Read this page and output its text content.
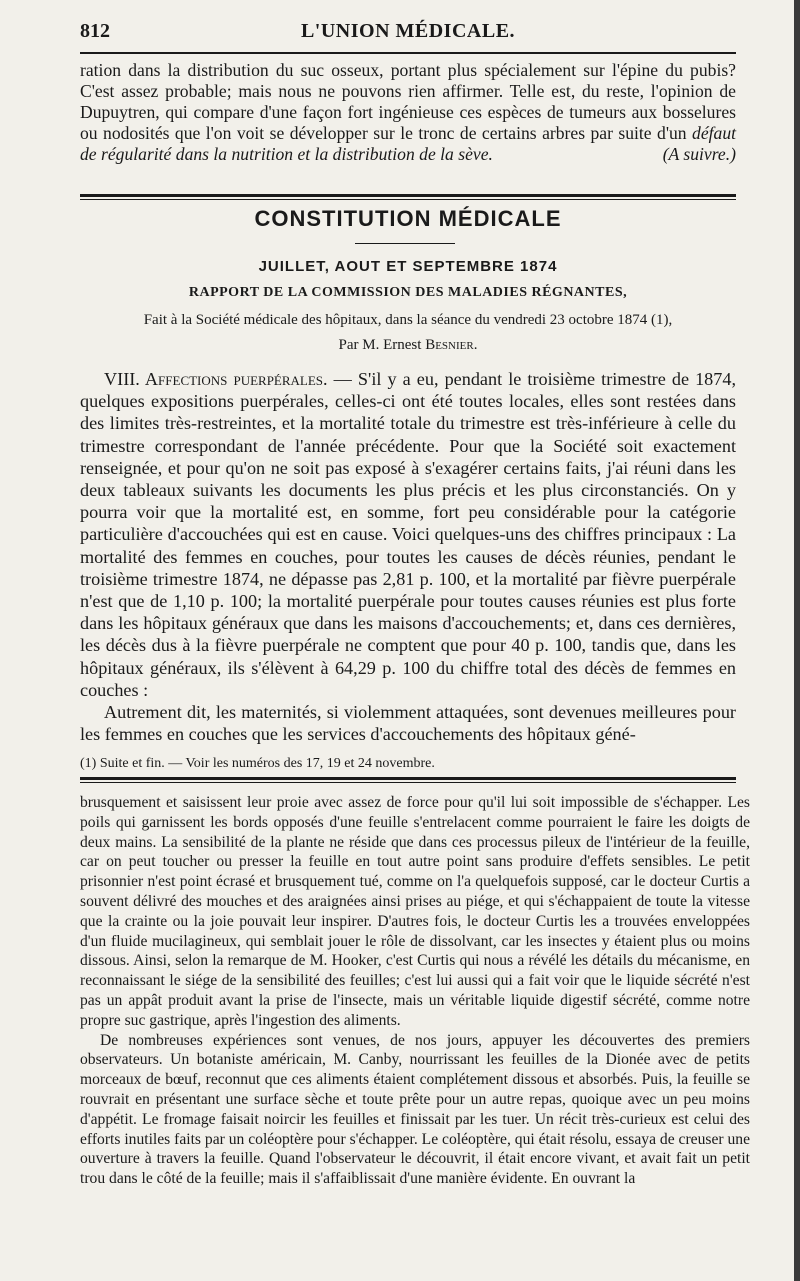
812	L'UNION MÉDICALE.
ration dans la distribution du suc osseux, portant plus spécialement sur l'épine du pubis? C'est assez probable; mais nous ne pouvons rien affirmer. Telle est, du reste, l'opinion de Dupuytren, qui compare d'une façon fort ingénieuse ces espèces de tumeurs aux bosselures ou nodosités que l'on voit se développer sur le tronc de certains arbres par suite d'un défaut de régularité dans la nutrition et la distribution de la sève.	(A suivre.)
CONSTITUTION MÉDICALE
JUILLET, AOUT ET SEPTEMBRE 1874
RAPPORT DE LA COMMISSION DES MALADIES RÉGNANTES,
Fait à la Société médicale des hôpitaux, dans la séance du vendredi 23 octobre 1874 (1),
Par M. Ernest Besnier.

VIII. Affections puerpérales. — S'il y a eu, pendant le troisième trimestre de 1874, quelques expositions puerpérales, celles-ci ont été toutes locales, elles sont restées dans des limites très-restreintes, et la mortalité totale du trimestre est très-inférieure à celle du trimestre correspondant de l'année précédente. Pour que la Société soit exactement renseignée, et pour qu'on ne soit pas exposé à s'exagérer certains faits, j'ai réuni dans les deux tableaux suivants les documents les plus précis et les plus circonstanciés. On y pourra voir que la mortalité est, en somme, fort peu considérable pour la catégorie particulière d'accouchées qui est en cause. Voici quelques-uns des chiffres principaux : La mortalité des femmes en couches, pour toutes les causes de décès réunies, pendant le troisième trimestre 1874, ne dépasse pas 2,81 p. 100, et la mortalité par fièvre puerpérale n'est que de 1,10 p. 100; la mortalité puerpérale pour toutes causes réunies est plus forte dans les hôpitaux généraux que dans les maisons d'accouchements; et, dans ces dernières, les décès dus à la fièvre puerpérale ne comptent que pour 40 p. 100, tandis que, dans les hôpitaux généraux, ils s'élèvent à 64,29 p. 100 du chiffre total des décès de femmes en couches :

Autrement dit, les maternités, si violemment attaquées, sont devenues meilleures pour les femmes en couches que les services d'accouchements des hôpitaux géné-

(1) Suite et fin. — Voir les numéros des 17, 19 et 24 novembre.

brusquement et saisissent leur proie avec assez de force pour qu'il lui soit impossible de s'échapper. Les poils qui garnissent les bords opposés d'une feuille s'entrelacent comme pourraient le faire les doigts de deux mains. La sensibilité de la plante ne réside que dans ces processus pileux de l'intérieur de la feuille, car on peut toucher ou presser la feuille en tout autre point sans produire d'effets sensibles. Le petit prisonnier n'est point écrasé et brusquement tué, comme on l'a quelquefois supposé, car le docteur Curtis a souvent délivré des mouches et des araignées ainsi prises au piége, et qui s'échappaient de toute la vitesse que la crainte ou la joie pouvait leur inspirer. D'autres fois, le docteur Curtis les a trouvées enveloppées d'un fluide mucilagineux, qui semblait jouer le rôle de dissolvant, car les insectes y étaient plus ou moins dissous. Ainsi, selon la remarque de M. Hooker, c'est Curtis qui nous a révélé les détails du mécanisme, en reconnaissant le siége de la sensibilité des feuilles; c'est lui aussi qui a fait voir que le liquide sécrété n'est pas un appât produit avant la prise de l'insecte, mais un véritable liquide digestif sécrété, comme notre propre suc gastrique, après l'ingestion des aliments.

De nombreuses expériences sont venues, de nos jours, appuyer les découvertes des premiers observateurs. Un botaniste américain, M. Canby, nourrissant les feuilles de la Dionée avec de petits morceaux de bœuf, reconnut que ces aliments étaient complétement dissous et absorbés. Puis, la feuille se rouvrait en présentant une surface sèche et toute prête pour un autre repas, quoique avec un peu moins d'appétit. Le fromage faisait noircir les feuilles et finissait par les tuer. Un récit très-curieux est celui des efforts inutiles faits par un coléoptère pour s'échapper. Le coléoptère, qui était résolu, essaya de creuser une ouverture à travers la feuille. Quand l'observateur le découvrit, il était encore vivant, et avait fait un petit trou dans le côté de la feuille; mais il s'affaiblissait d'une manière évidente. En ouvrant la
